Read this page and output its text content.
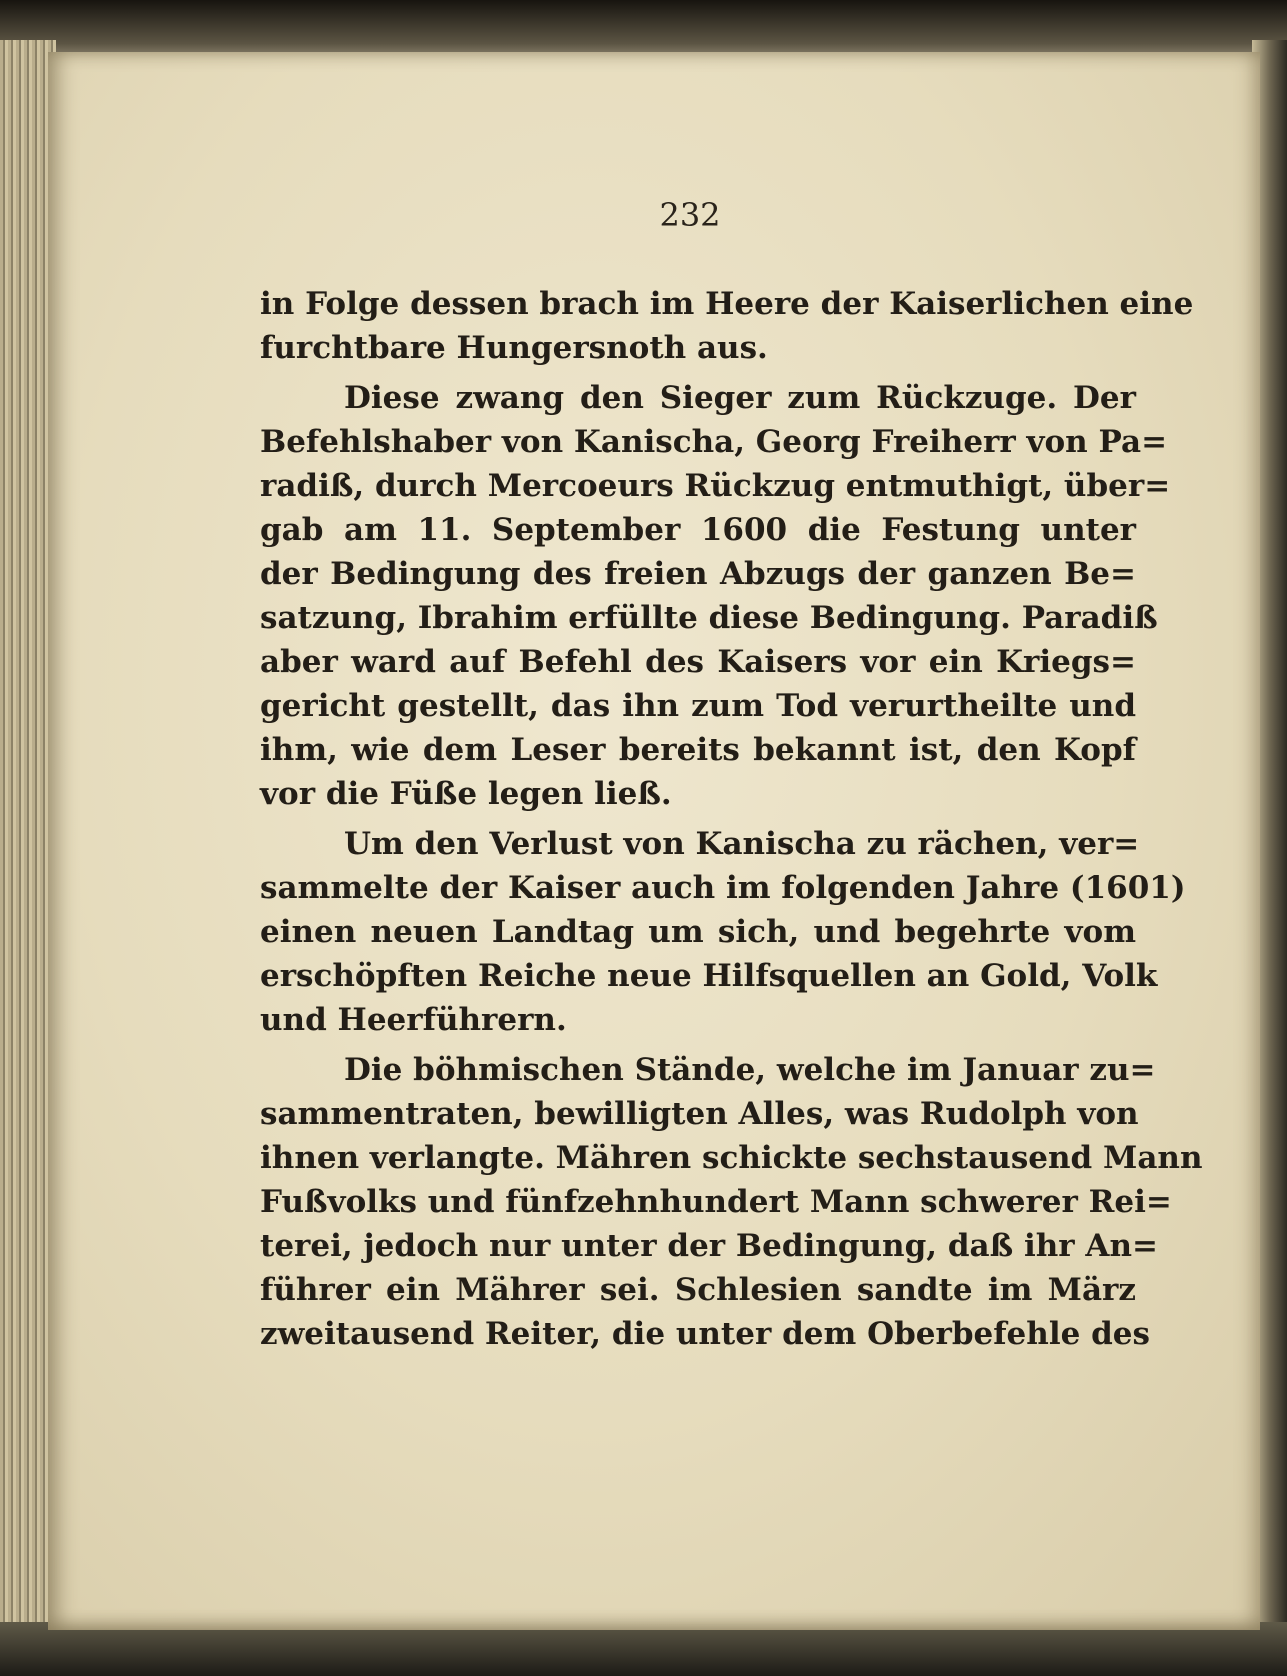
232

in Folge dessen brach im Heere der Kaiserlichen eine

furchtbare Hungersnoth aus.

Diese zwang den Sieger zum Rückzuge. Der

Befehlshaber von Kanischa, Georg Freiherr von Pa=

radiß, durch Mercoeurs Rückzug entmuthigt, über=

gab am 11. September 1600 die Festung unter

der Bedingung des freien Abzugs der ganzen Be=

satzung, Ibrahim erfüllte diese Bedingung. Paradiß

aber ward auf Befehl des Kaisers vor ein Kriegs=

gericht gestellt, das ihn zum Tod verurtheilte und

ihm, wie dem Leser bereits bekannt ist, den Kopf

vor die Füße legen ließ.

Um den Verlust von Kanischa zu rächen, ver=

sammelte der Kaiser auch im folgenden Jahre (1601)

einen neuen Landtag um sich, und begehrte vom

erschöpften Reiche neue Hilfsquellen an Gold, Volk

und Heerführern.

Die böhmischen Stände, welche im Januar zu=

sammentraten, bewilligten Alles, was Rudolph von

ihnen verlangte. Mähren schickte sechstausend Mann

Fußvolks und fünfzehnhundert Mann schwerer Rei=

terei, jedoch nur unter der Bedingung, daß ihr An=

führer ein Mährer sei. Schlesien sandte im März

zweitausend Reiter, die unter dem Oberbefehle des
